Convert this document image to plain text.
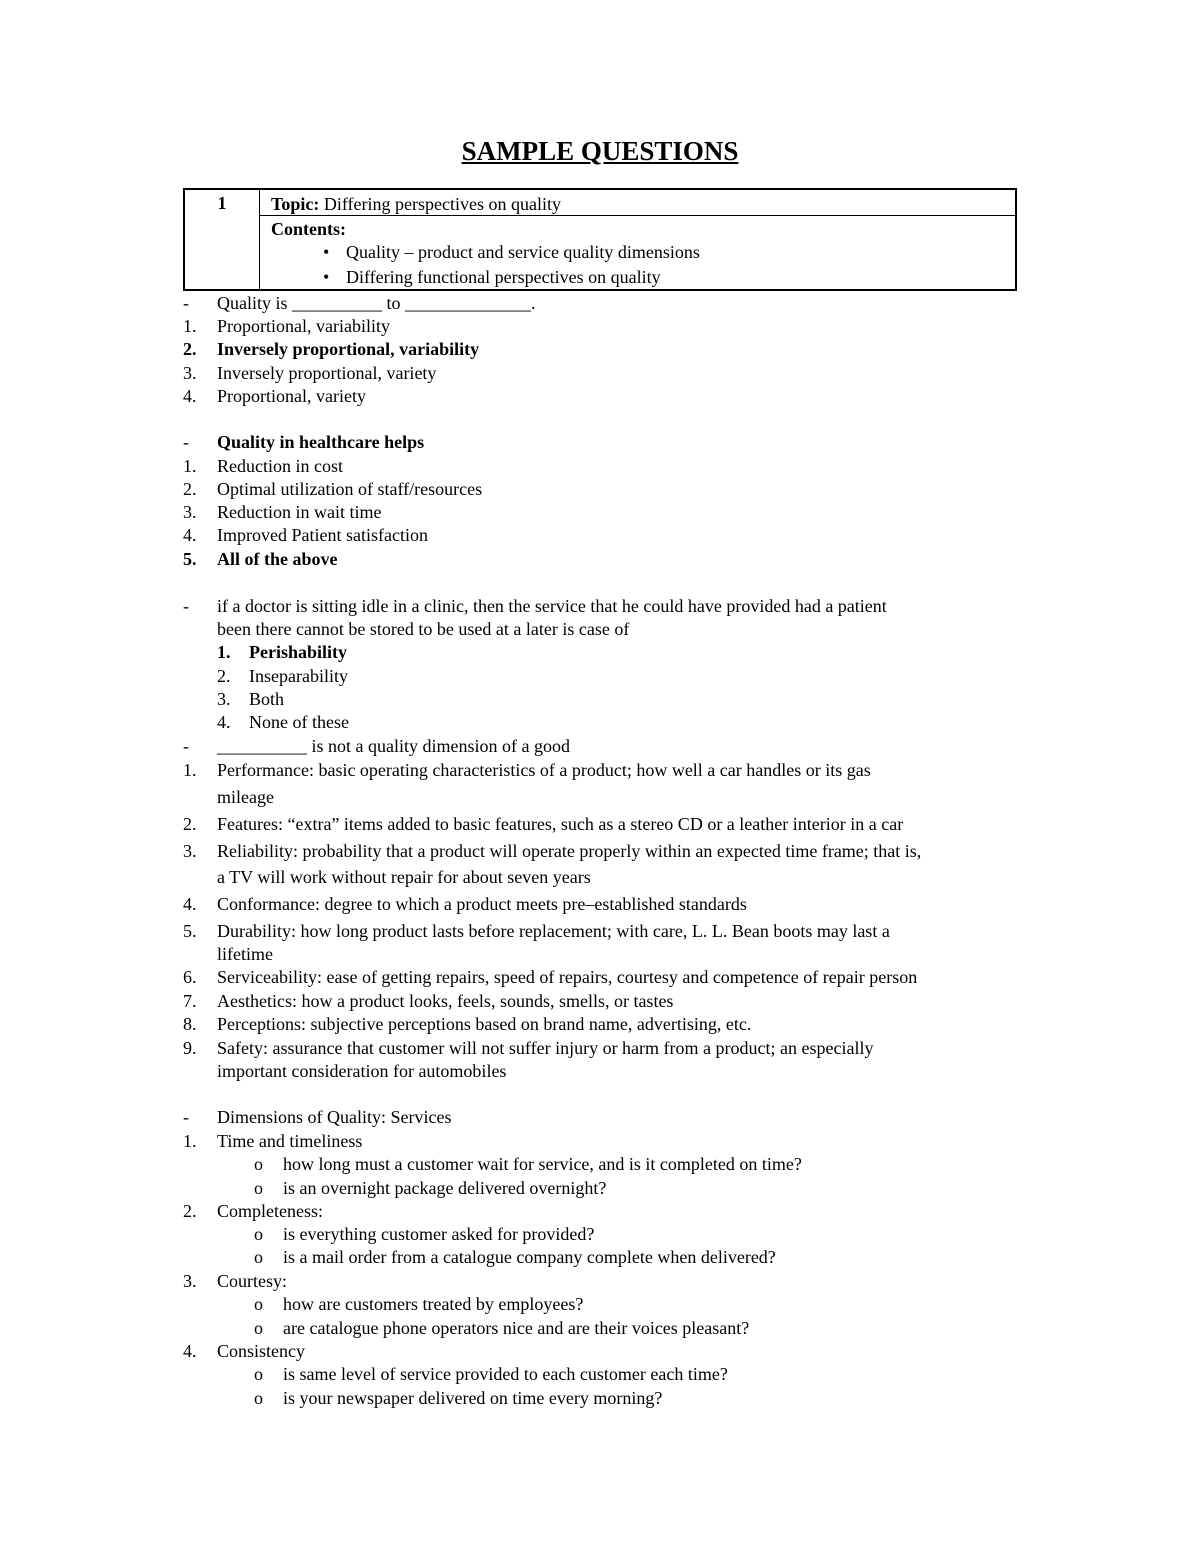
SAMPLE QUESTIONS
1	Topic: Differing perspectives on quality
Contents:
• Quality – product and service quality dimensions
• Differing functional perspectives on quality
- Quality is __________ to ______________.
1. Proportional, variability
2. Inversely proportional, variability
3. Inversely proportional, variety
4. Proportional, variety
- Quality in healthcare helps
1. Reduction in cost
2. Optimal utilization of staff/resources
3. Reduction in wait time
4. Improved Patient satisfaction
5. All of the above
- if a doctor is sitting idle in a clinic, then the service that he could have provided had a patient
been there cannot be stored to be used at a later is case of
1. Perishability
2. Inseparability
3. Both
4. None of these
- __________ is not a quality dimension of a good
1. Performance: basic operating characteristics of a product; how well a car handles or its gas
mileage
2. Features: “extra” items added to basic features, such as a stereo CD or a leather interior in a car
3. Reliability: probability that a product will operate properly within an expected time frame; that is,
a TV will work without repair for about seven years
4. Conformance: degree to which a product meets pre–established standards
5. Durability: how long product lasts before replacement; with care, L. L. Bean boots may last a
lifetime
6. Serviceability: ease of getting repairs, speed of repairs, courtesy and competence of repair person
7. Aesthetics: how a product looks, feels, sounds, smells, or tastes
8. Perceptions: subjective perceptions based on brand name, advertising, etc.
9. Safety: assurance that customer will not suffer injury or harm from a product; an especially
important consideration for automobiles
- Dimensions of Quality: Services
1. Time and timeliness
o how long must a customer wait for service, and is it completed on time?
o is an overnight package delivered overnight?
2. Completeness:
o is everything customer asked for provided?
o is a mail order from a catalogue company complete when delivered?
3. Courtesy:
o how are customers treated by employees?
o are catalogue phone operators nice and are their voices pleasant?
4. Consistency
o is same level of service provided to each customer each time?
o is your newspaper delivered on time every morning?
